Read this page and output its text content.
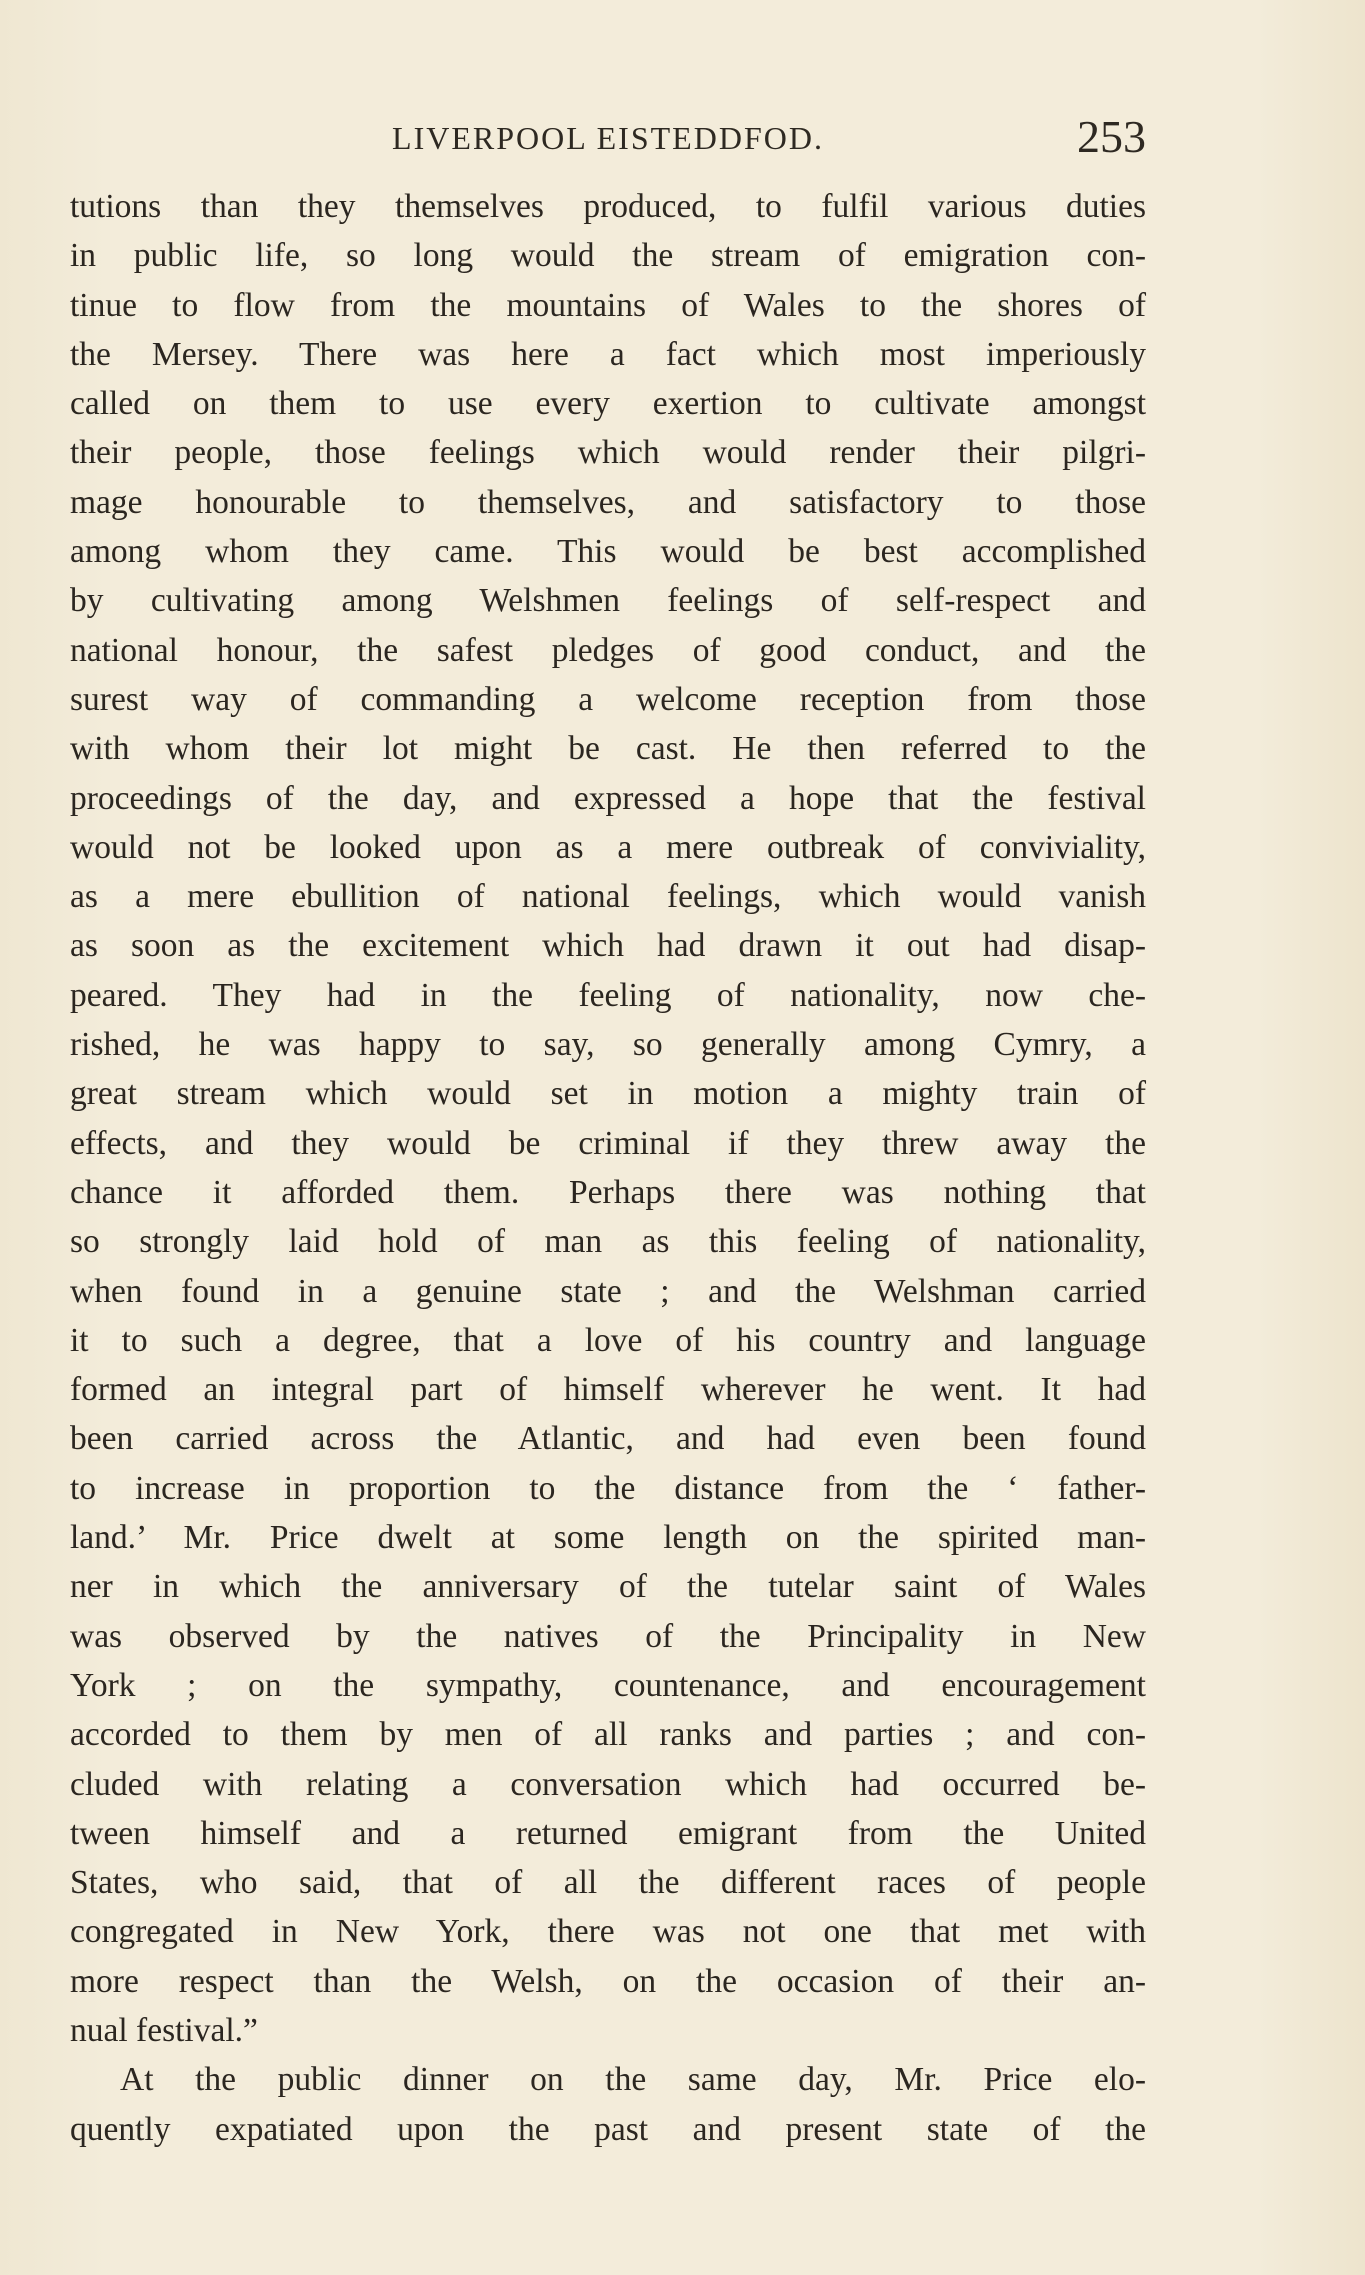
LIVERPOOL EISTEDDFOD.	253
tutions than they themselves produced, to fulfil various duties
in public life, so long would the stream of emigration con-
tinue to flow from the mountains of Wales to the shores of
the Mersey. There was here a fact which most imperiously
called on them to use every exertion to cultivate amongst
their people, those feelings which would render their pilgri-
mage honourable to themselves, and satisfactory to those
among whom they came. This would be best accomplished
by cultivating among Welshmen feelings of self-respect and
national honour, the safest pledges of good conduct, and the
surest way of commanding a welcome reception from those
with whom their lot might be cast. He then referred to the
proceedings of the day, and expressed a hope that the festival
would not be looked upon as a mere outbreak of conviviality,
as a mere ebullition of national feelings, which would vanish
as soon as the excitement which had drawn it out had disap-
peared. They had in the feeling of nationality, now che-
rished, he was happy to say, so generally among Cymry, a
great stream which would set in motion a mighty train of
effects, and they would be criminal if they threw away the
chance it afforded them. Perhaps there was nothing that
so strongly laid hold of man as this feeling of nationality,
when found in a genuine state ; and the Welshman carried
it to such a degree, that a love of his country and language
formed an integral part of himself wherever he went. It had
been carried across the Atlantic, and had even been found
to increase in proportion to the distance from the ‘ father-
land.’ Mr. Price dwelt at some length on the spirited man-
ner in which the anniversary of the tutelar saint of Wales
was observed by the natives of the Principality in New
York ; on the sympathy, countenance, and encouragement
accorded to them by men of all ranks and parties ; and con-
cluded with relating a conversation which had occurred be-
tween himself and a returned emigrant from the United
States, who said, that of all the different races of people
congregated in New York, there was not one that met with
more respect than the Welsh, on the occasion of their an-
nual festival.”
At the public dinner on the same day, Mr. Price elo-
quently expatiated upon the past and present state of the
